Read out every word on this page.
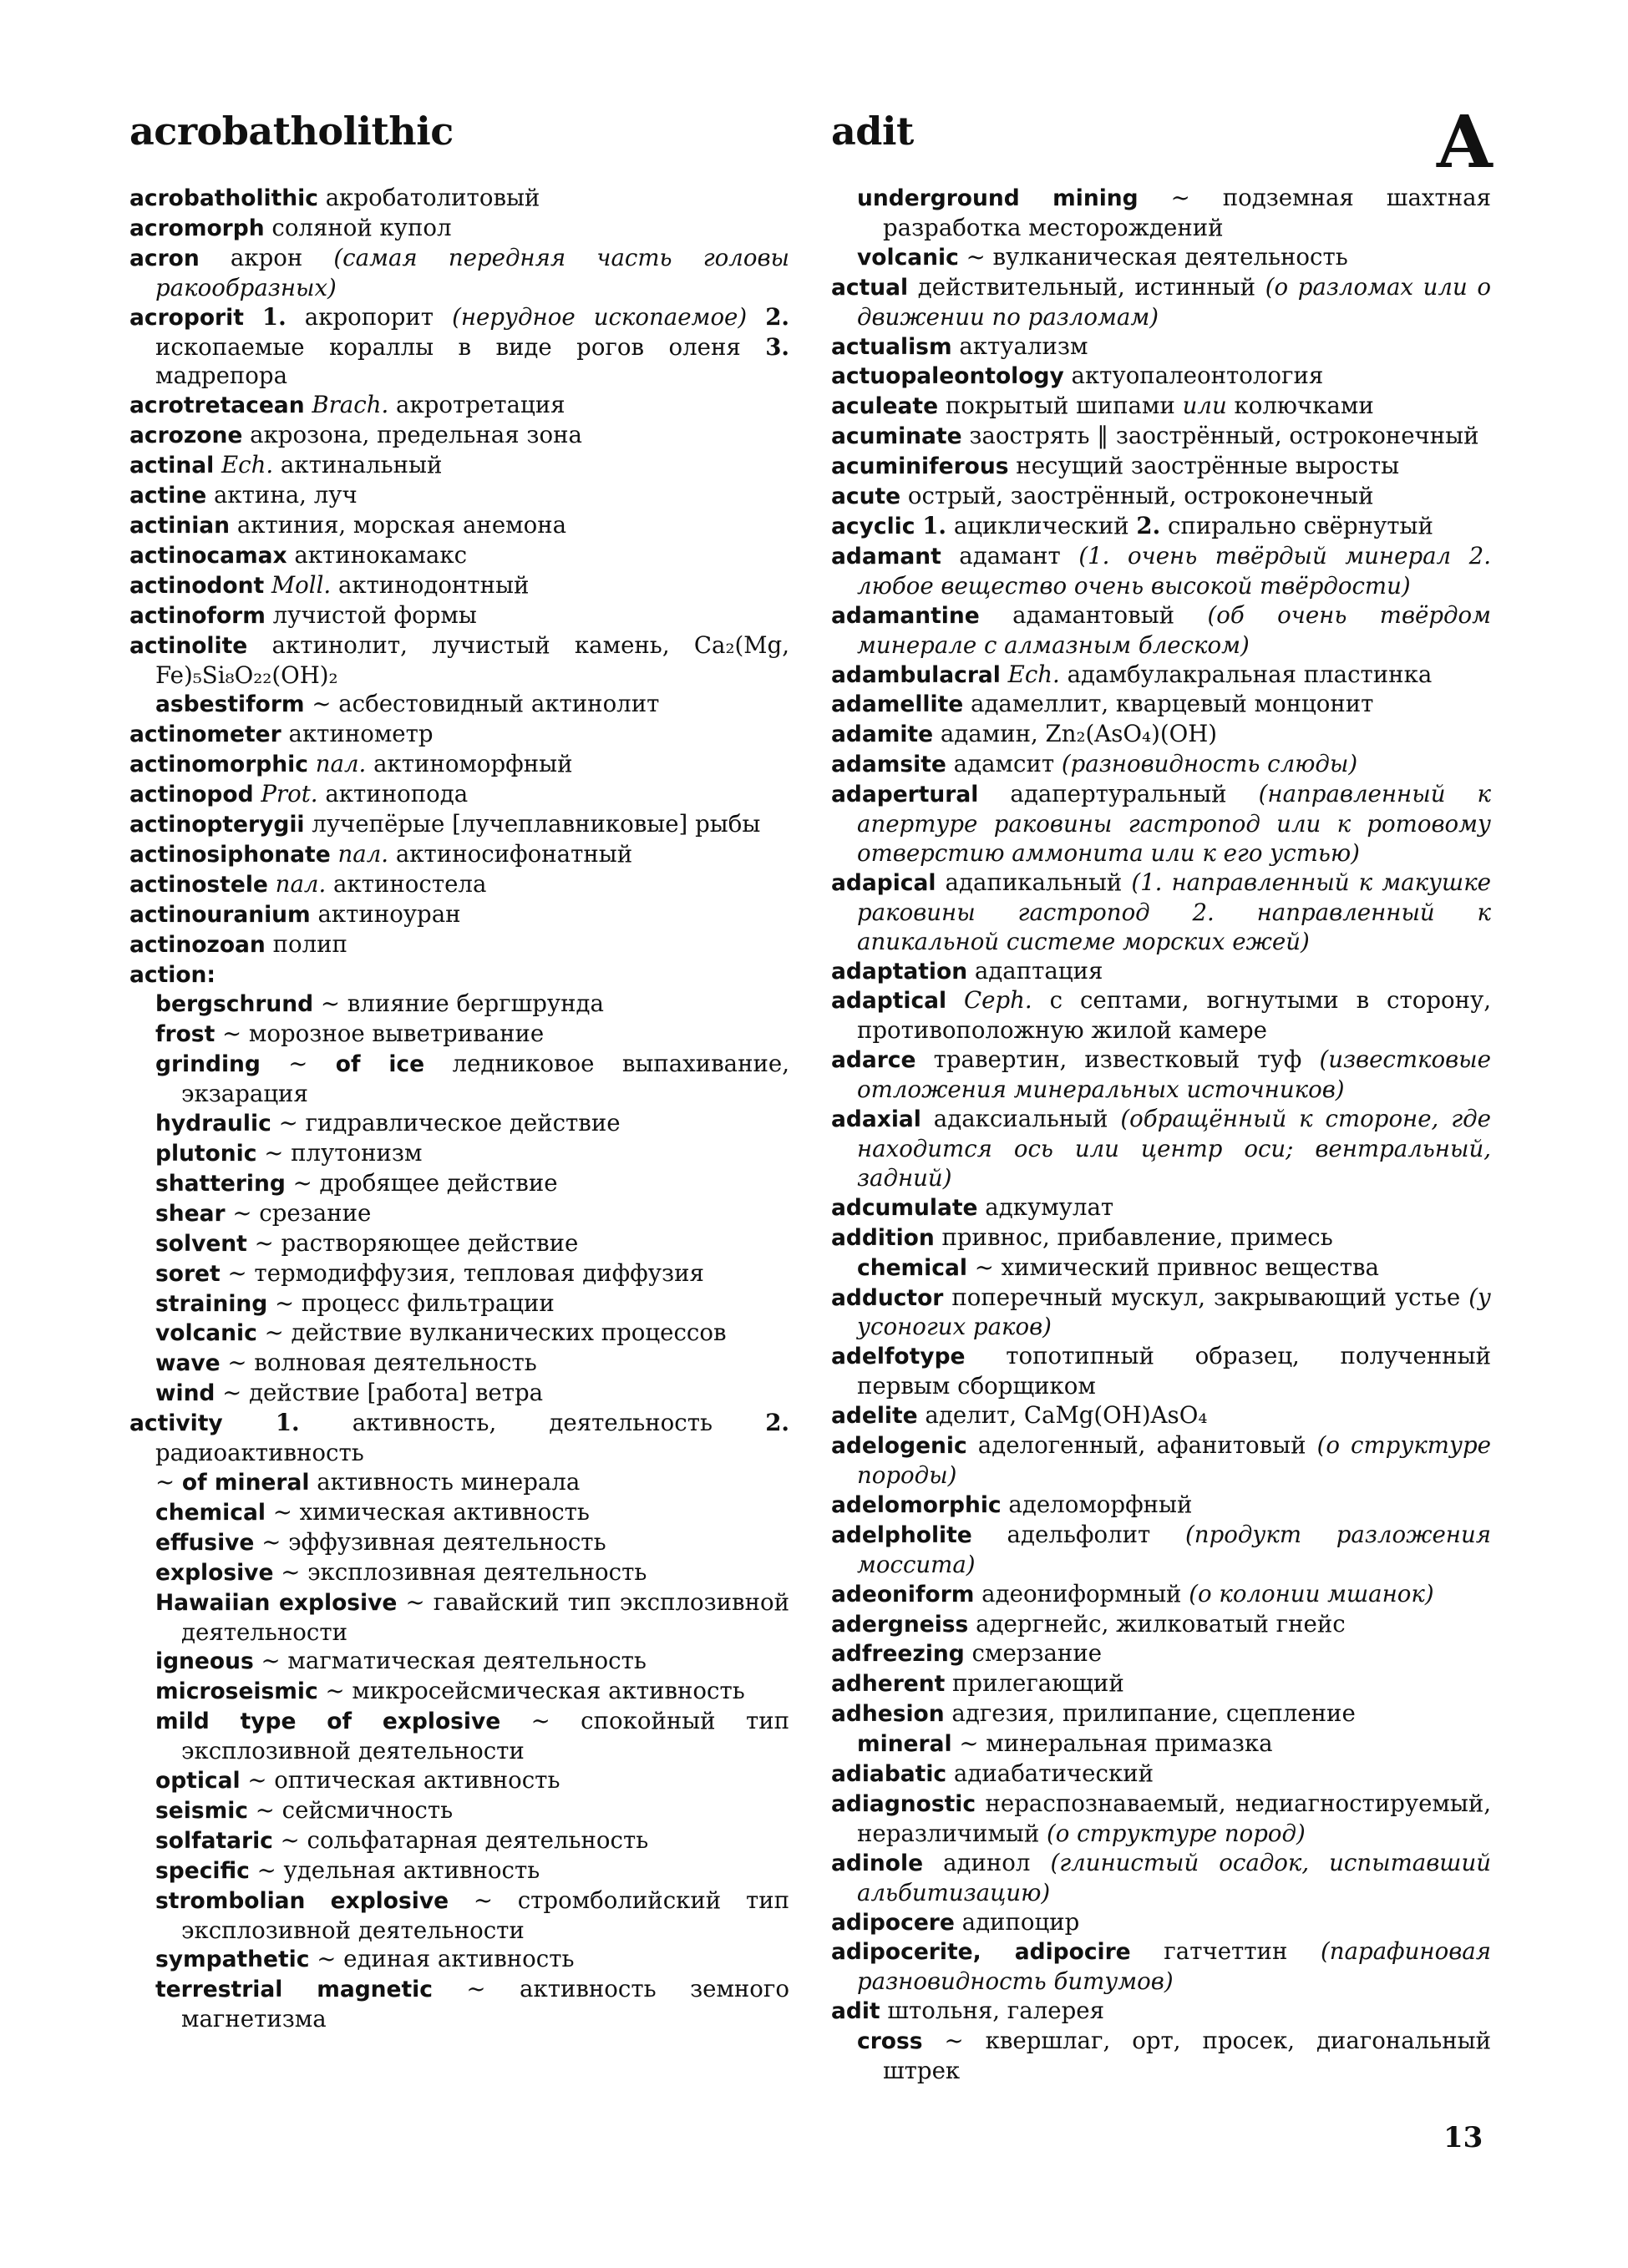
acrobatholithic	adit	A
acrobatholithic акробатолитовый
acromorph соляной купол
acron акрон (самая передняя часть головы ракообразных)
acroporit 1. акропорит (нерудное ископаемое) 2. ископаемые кораллы в виде рогов оленя 3. мадрепора
acrotretacean Brach. акротретация
acrozone акрозона, предельная зона
actinal Ech. актинальный
actine актина, луч
actinian актиния, морская анемона
actinocamax актинокамакс
actinodont Moll. актинодонтный
actinoform лучистой формы
actinolite актинолит, лучистый камень, Ca₂(Mg, Fe)₅Si₈O₂₂(OH)₂
asbestiform ~ асбестовидный актинолит
actinometer актинометр
actinomorphic пал. актиноморфный
actinopod Prot. актинопода
actinopterygii лучепёрые [лучеплавниковые] рыбы
actinosiphonate пал. актиносифонатный
actinostele пал. актиностела
actinouranium актиноуран
actinozoan полип
action:
bergschrund ~ влияние бергшрунда
frost ~ морозное выветривание
grinding ~ of ice ледниковое выпахивание, экзарация
hydraulic ~ гидравлическое действие
plutonic ~ плутонизм
shattering ~ дробящее действие
shear ~ срезание
solvent ~ растворяющее действие
soret ~ термодиффузия, тепловая диффузия
straining ~ процесс фильтрации
volcanic ~ действие вулканических процессов
wave ~ волновая деятельность
wind ~ действие [работа] ветра
activity 1. активность, деятельность 2. радиоактивность
~ of mineral активность минерала
chemical ~ химическая активность
effusive ~ эффузивная деятельность
explosive ~ эксплозивная деятельность
Hawaiian explosive ~ гавайский тип эксплозивной деятельности
igneous ~ магматическая деятельность
microseismic ~ микросейсмическая активность
mild type of explosive ~ спокойный тип эксплозивной деятельности
optical ~ оптическая активность
seismic ~ сейсмичность
solfataric ~ сольфатарная деятельность
specific ~ удельная активность
strombolian explosive ~ стромболийский тип эксплозивной деятельности
sympathetic ~ единая активность
terrestrial magnetic ~ активность земного магнетизма
underground mining ~ подземная шахтная разработка месторождений
volcanic ~ вулканическая деятельность
actual действительный, истинный (о разломах или о движении по разломам)
actualism актуализм
actuopaleontology актуопалеонтология
aculeate покрытый шипами или колючками
acuminate заострять ‖ заострённый, остроконечный
acuminiferous несущий заострённые выросты
acute острый, заострённый, остроконечный
acyclic 1. ациклический 2. спирально свёрнутый
adamant адамант (1. очень твёрдый минерал 2. любое вещество очень высокой твёрдости)
adamantine адамантовый (об очень твёрдом минерале с алмазным блеском)
adambulacral Ech. адамбулакральная пластинка
adamellite адамеллит, кварцевый монцонит
adamite адамин, Zn₂(AsO₄)(OH)
adamsite адамсит (разновидность слюды)
adapertural адапертуральный (направленный к апертуре раковины гастропод или к ротовому отверстию аммонита или к его устью)
adapical адапикальный (1. направленный к макушке раковины гастропод 2. направленный к апикальной системе морских ежей)
adaptation адаптация
adaptical Ceph. с септами, вогнутыми в сторону, противоположную жилой камере
adarce травертин, известковый туф (известковые отложения минеральных источников)
adaxial адаксиальный (обращённый к стороне, где находится ось или центр оси; вентральный, задний)
adcumulate адкумулат
addition привнос, прибавление, примесь
chemical ~ химический привнос вещества
adductor поперечный мускул, закрывающий устье (у усоногих раков)
adelfotype топотипный образец, полученный первым сборщиком
adelite аделит, CaMg(OH)AsO₄
adelogenic аделогенный, афанитовый (о структуре породы)
adelomorphic аделоморфный
adelpholite адельфолит (продукт разложения моссита)
adeoniform адеониформный (о колонии мшанок)
adergneiss адергнейс, жилковатый гнейс
adfreezing смерзание
adherent прилегающий
adhesion адгезия, прилипание, сцепление
mineral ~ минеральная примазка
adiabatic адиабатический
adiagnostic нераспознаваемый, недиагностируемый, неразличимый (о структуре пород)
adinole адинол (глинистый осадок, испытавший альбитизацию)
adipocere адипоцир
adipocerite, adipocire гатчеттин (парафиновая разновидность битумов)
adit штольня, галерея
cross ~ квершлаг, орт, просек, диагональный штрек
13
